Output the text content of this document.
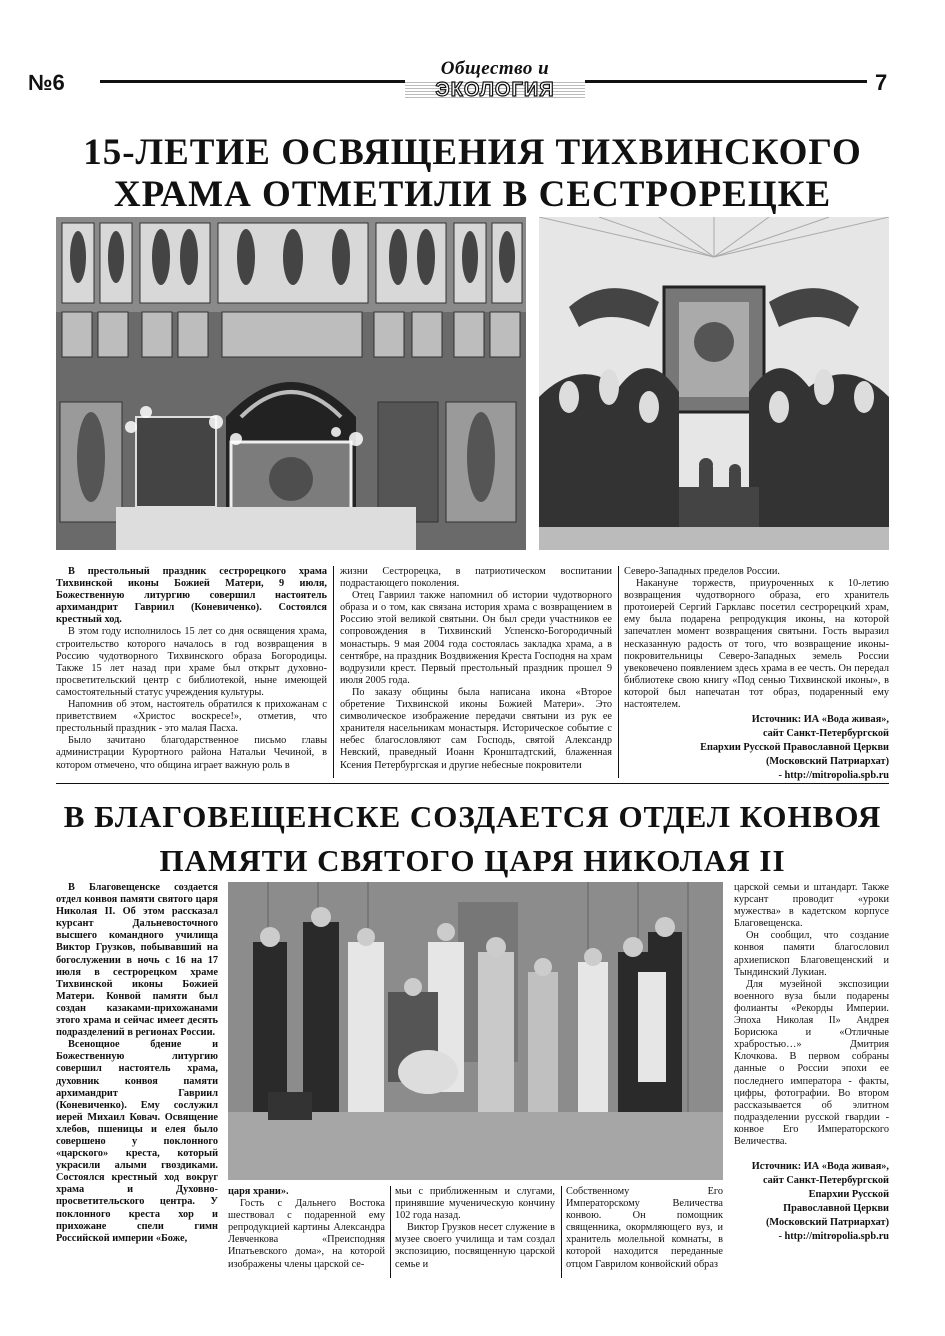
№6
Общество и
ЭКОЛОГИЯ	7
15-ЛЕТИЕ ОСВЯЩЕНИЯ ТИХВИНСКОГО
ХРАМА ОТМЕТИЛИ В СЕСТРОРЕЦКЕ

В престольный праздник сестрорецкого храма Тихвинской иконы Божией Матери, 9 июля, Божественную литургию совершил настоятель архимандрит Гавриил (Коневиченко). Состоялся крестный ход.

В этом году исполнилось 15 лет со дня освящения храма, строительство которого началось в год возвращения в Россию чудотворного Тихвинского образа Богородицы. Также 15 лет назад при храме был открыт духовно-просветительский центр с библиотекой, ныне имеющей самостоятельный статус учреждения культуры.

Напомнив об этом, настоятель обратился к прихожанам с приветствием «Христос воскресе!», отметив, что престольный праздник - это малая Пасха.

Было зачитано благодарственное письмо главы администрации Курортного района Натальи Чечиной, в котором отмечено, что община играет важную роль в

жизни Сестрорецка, в патриотическом воспитании подрастающего поколения.

Отец Гавриил также напомнил об истории чудотворного образа и о том, как связана история храма с возвращением в Россию этой великой святыни. Он был среди участников ее сопровождения в Тихвинский Успенско-Богородичный монастырь. 9 мая 2004 года состоялась закладка храма, а в сентябре, на праздник Воздвижения Креста Господня на храм водрузили крест. Первый престольный праздник прошел 9 июля 2005 года.

По заказу общины была написана икона «Второе обретение Тихвинской иконы Божией Матери». Это символическое изображение передачи святыни из рук ее хранителя насельникам монастыря. Историческое событие с небес благословляют сам Господь, святой Александр Невский, праведный Иоанн Кронштадтский, блаженная Ксения Петербургская и другие небесные покровители

Северо-Западных пределов России.

Накануне торжеств, приуроченных к 10-летию возвращения чудотворного образа, его хранитель протоиерей Сергий Гарклавс посетил сестрорецкий храм, ему была подарена репродукция иконы, на которой запечатлен момент возвращения святыни. Гость выразил несказанную радость от того, что возвращение иконы-покровительницы Северо-Западных земель России увековечено появлением здесь храма в ее честь. Он передал библиотеке свою книгу «Под сенью Тихвинской иконы», в которой был напечатан тот образ, подаренный ему настоятелем.

Источник: ИА «Вода живая»,
сайт Санкт-Петербургской
Епархии Русской Православной Церкви
(Московский Патриархат)
- http://mitropolia.spb.ru
В БЛАГОВЕЩЕНСКЕ СОЗДАЕТСЯ ОТДЕЛ КОНВОЯ
ПАМЯТИ СВЯТОГО ЦАРЯ НИКОЛАЯ II

В Благовещенске создается отдел конвоя памяти святого царя Николая II. Об этом рассказал курсант Дальневосточного высшего командного училища Виктор Грузков, побывавший на богослужении в ночь с 16 на 17 июля в сестрорецком храме Тихвинской иконы Божией Матери. Конвой памяти был создан казаками-прихожанами этого храма и сейчас имеет десять подразделений в регионах России.

Всенощное бдение и Божественную литургию совершил настоятель храма, духовник конвоя памяти архимандрит Гавриил (Коневиченко). Ему сослужил иерей Михаил Ковач. Освящение хлебов, пшеницы и елея было совершено у поклонного «царского» креста, который украсили алыми гвоздиками. Состоялся крестный ход вокруг храма и Духовно-просветительского центра. У поклонного креста хор и прихожане спели гимн Российской империи «Боже,

царской семьи и штандарт. Также курсант проводит «уроки мужества» в кадетском корпусе Благовещенска.

Он сообщил, что создание конвоя памяти благословил архиепископ Благовещенский и Тындинский Лукиан.

Для музейной экспозиции военного вуза были подарены фолианты «Рекорды Империи. Эпоха Николая II» Андрея Борисюка и «Отличные храбростью…» Дмитрия Клочкова. В первом собраны данные о России эпохи ее последнего императора - факты, цифры, фотографии. Во втором рассказывается об элитном подразделении русской гвардии - конвое Его Императорского Величества.

Источник: ИА «Вода живая»,
сайт Санкт-Петербургской
Епархии Русской
Православной Церкви
(Московский Патриархат)
- http://mitropolia.spb.ru

царя храни».

Гость с Дальнего Востока шествовал с подаренной ему репродукцией картины Александра Левченкова «Преисподняя Ипатьевского дома», на которой изображены члены царской се-

Собственному Его Императорскому Величества конвою. Он помощник священника, окормляющего вуз, и хранитель молельной комнаты, в которой находится переданные отцом Гаврилом конвойский образ

мьи с приближенным и слугами, принявшие мученическую кончину 102 года назад.

Виктор Грузков несет служение в музее своего училища и там создал экспозицию, посвященную царской семье и
